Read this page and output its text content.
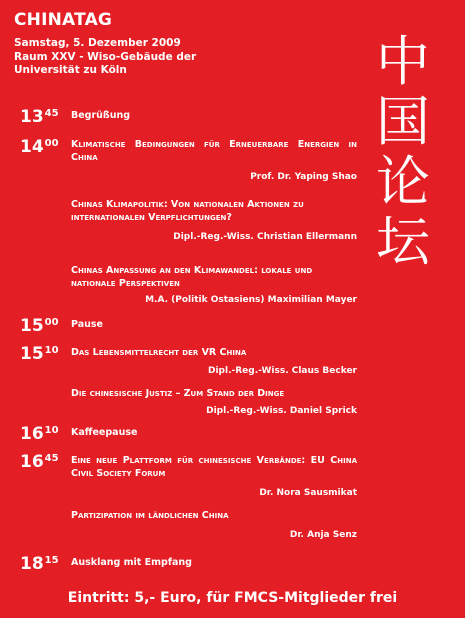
CHINATAG
Samstag, 5. Dezember 2009
Raum XXV - Wiso-Gebäude der
Universität zu Köln	中
国
论
坛
$13^{45}$ Begrüßung
$14^{00}$ Klimatische Bedingungen für Erneuerbare Energien in China
Prof. Dr. Yaping Shao
Chinas Klimapolitik: Von nationalen Aktionen zu internationalen Verpflichtungen?
Dipl.-Reg.-Wiss. Christian Ellermann
Chinas Anpassung an den Klimawandel: lokale und nationale Perspektiven
M.A. (Politik Ostasiens) Maximilian Mayer
$15^{00}$ Pause
$15^{10}$ Das Lebensmittelrecht der VR China
Dipl.-Reg.-Wiss. Claus Becker
Die chinesische Justiz – Zum Stand der Dinge
Dipl.-Reg.-Wiss. Daniel Sprick
$16^{10}$ Kaffeepause
$16^{45}$ Eine neue Plattform für chinesische Verbände: EU China Civil Society Forum
Dr. Nora Sausmikat
Partizipation im ländlichen China
Dr. Anja Senz
$18^{15}$ Ausklang mit Empfang
Eintritt: 5,- Euro, für FMCS-Mitglieder frei
